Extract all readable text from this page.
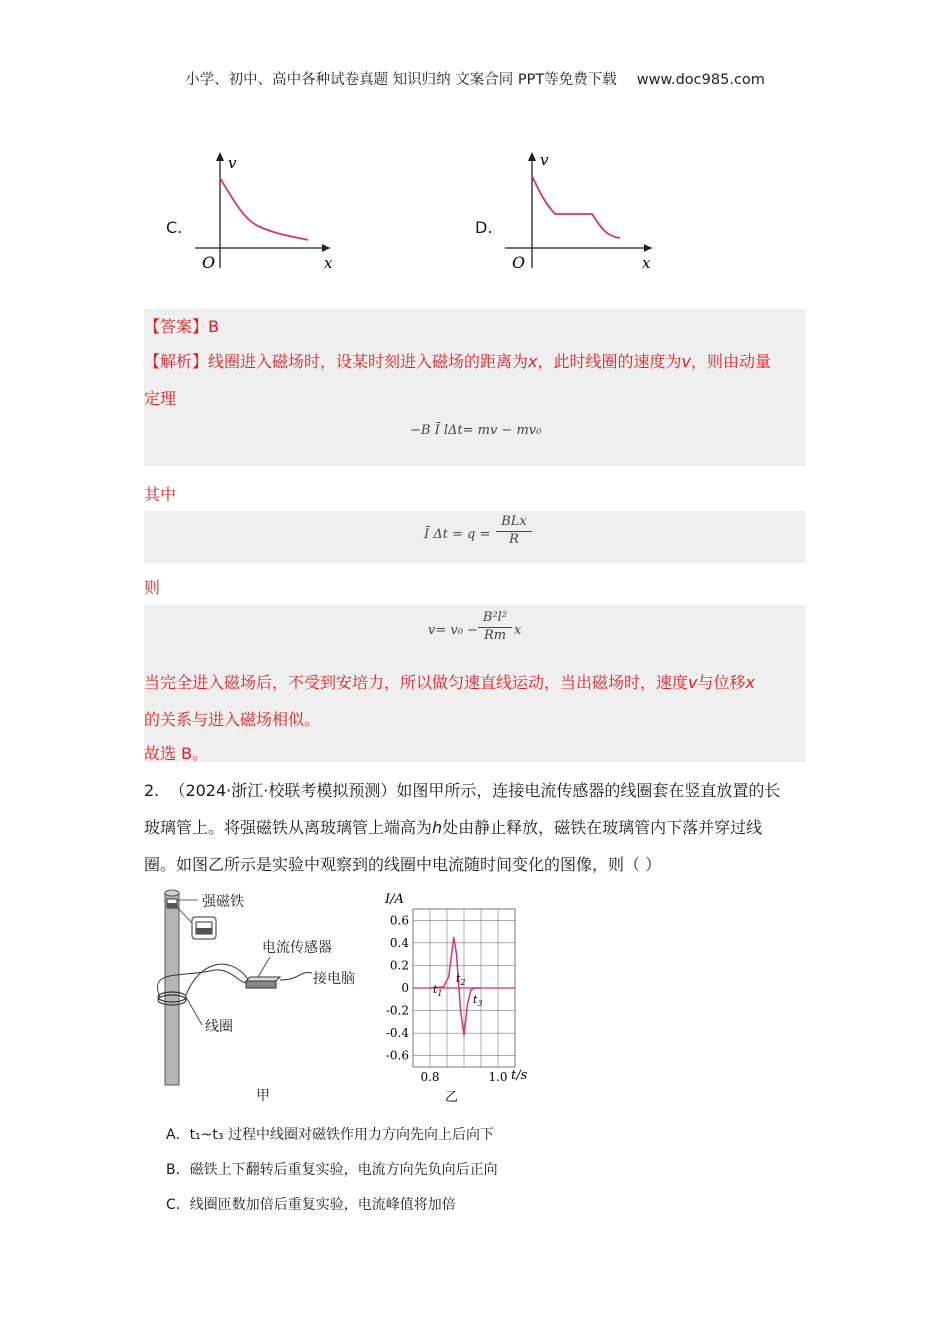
小学、初中、高中各种试卷真题 知识归纳 文案合同 PPT等免费下载 www.doc985.com
C.
v
x
O
D.
v
x
O
【答案】B
【解析】线圈进入磁场时，设某时刻进入磁场的距离为x，此时线圈的速度为v，则由动量
定理
−B Ī lΔt= mv − mv₀
其中
Ī Δt = q =
BLx
R
则
$v= v_0 - \frac{\text{B²l²}}{Rm}$ x
当完全进入磁场后，不受到安培力，所以做匀速直线运动，当出磁场时，速度v与位移x
的关系与进入磁场相似。
故选 B。
2. （2024·浙江·校联考模拟预测）如图甲所示，连接电流传感器的线圈套在竖直放置的长
玻璃管上。将强磁铁从离玻璃管上端高为h处由静止释放，磁铁在玻璃管内下落并穿过线
圈。如图乙所示是实验中观察到的线圈中电流随时间变化的图像，则（ ）
强磁铁
电流传感器
接电脑
线圈
甲
I/A
t/s
乙
0.6
0.4
0.2
0
-0.2
-0.4
-0.6
0.8	1.0
$t_1$
$t_2$
$t_3$
A．t₁~t₃ 过程中线圈对磁铁作用力方向先向上后向下
B．磁铁上下翻转后重复实验，电流方向先负向后正向
C．线圈匝数加倍后重复实验，电流峰值将加倍
